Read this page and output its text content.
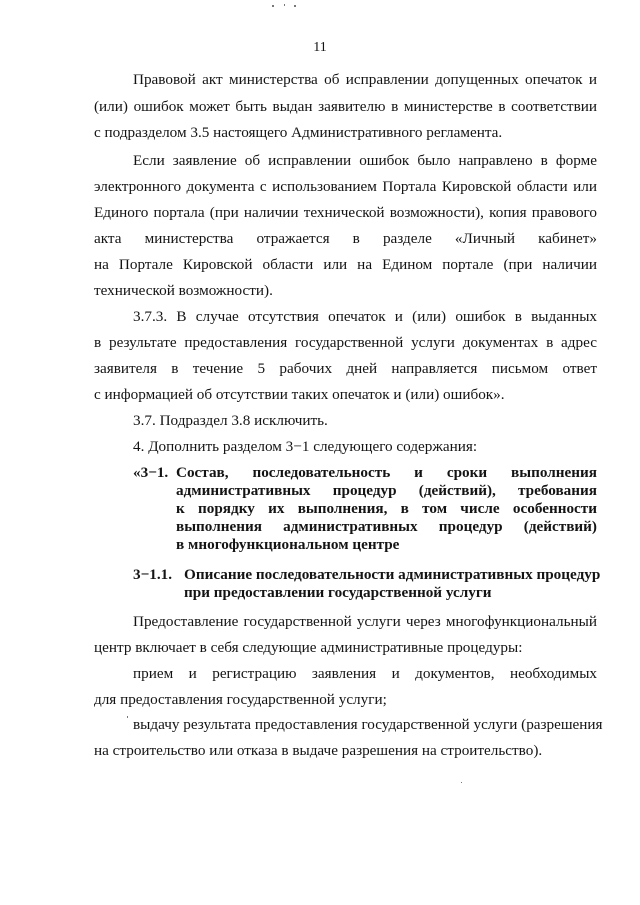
11
Правовой акт министерства об исправлении допущенных опечаток и
(или) ошибок может быть выдан заявителю в министерстве в соответствии
с подразделом 3.5 настоящего Административного регламента.
Если заявление об исправлении ошибок было направлено в форме
электронного документа с использованием Портала Кировской области или
Единого портала (при наличии технической возможности), копия правового
акта министерства отражается в разделе «Личный кабинет»
на Портале Кировской области или на Едином портале (при наличии
технической возможности).
3.7.3. В случае отсутствия опечаток и (или) ошибок в выданных
в результате предоставления государственной услуги документах в адрес
заявителя в течение 5 рабочих дней направляется письмом ответ
с информацией об отсутствии таких опечаток и (или) ошибок».
3.7. Подраздел 3.8 исключить.
4. Дополнить разделом 3−1 следующего содержания:
«3−1. Состав, последовательность и сроки выполнения
административных процедур (действий), требования
к порядку их выполнения, в том числе особенности
выполнения административных процедур (действий)
в многофункциональном центре
3−1.1. Описание последовательности административных процедур
при предоставлении государственной услуги
Предоставление государственной услуги через многофункциональный
центр включает в себя следующие административные процедуры:
прием и регистрацию заявления и документов, необходимых
для предоставления государственной услуги;
выдачу результата предоставления государственной услуги (разрешения
на строительство или отказа в выдаче разрешения на строительство).
